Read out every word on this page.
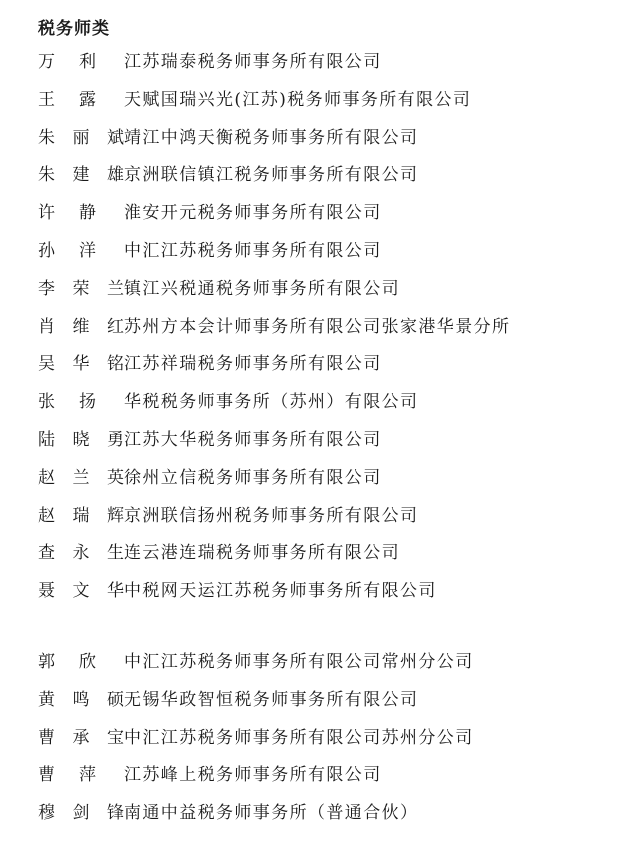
税务师类
万 利 江苏瑞泰税务师事务所有限公司
王 露 天赋国瑞兴光(江苏)税务师事务所有限公司
朱 丽 斌 靖江中鸿天衡税务师事务所有限公司
朱 建 雄 京洲联信镇江税务师事务所有限公司
许 静 淮安开元税务师事务所有限公司
孙 洋 中汇江苏税务师事务所有限公司
李 荣 兰 镇江兴税通税务师事务所有限公司
肖 维 红 苏州方本会计师事务所有限公司张家港华景分所
吴 华 铭 江苏祥瑞税务师事务所有限公司
张 扬 华税税务师事务所（苏州）有限公司
陆 晓 勇 江苏大华税务师事务所有限公司
赵 兰 英 徐州立信税务师事务所有限公司
赵 瑞 辉 京洲联信扬州税务师事务所有限公司
查 永 生 连云港连瑞税务师事务所有限公司
聂 文 华 中税网天运江苏税务师事务所有限公司
郭 欣 中汇江苏税务师事务所有限公司常州分公司
黄 鸣 硕 无锡华政智恒税务师事务所有限公司
曹 承 宝 中汇江苏税务师事务所有限公司苏州分公司
曹 萍 江苏峰上税务师事务所有限公司
穆 剑 锋 南通中益税务师事务所（普通合伙）
